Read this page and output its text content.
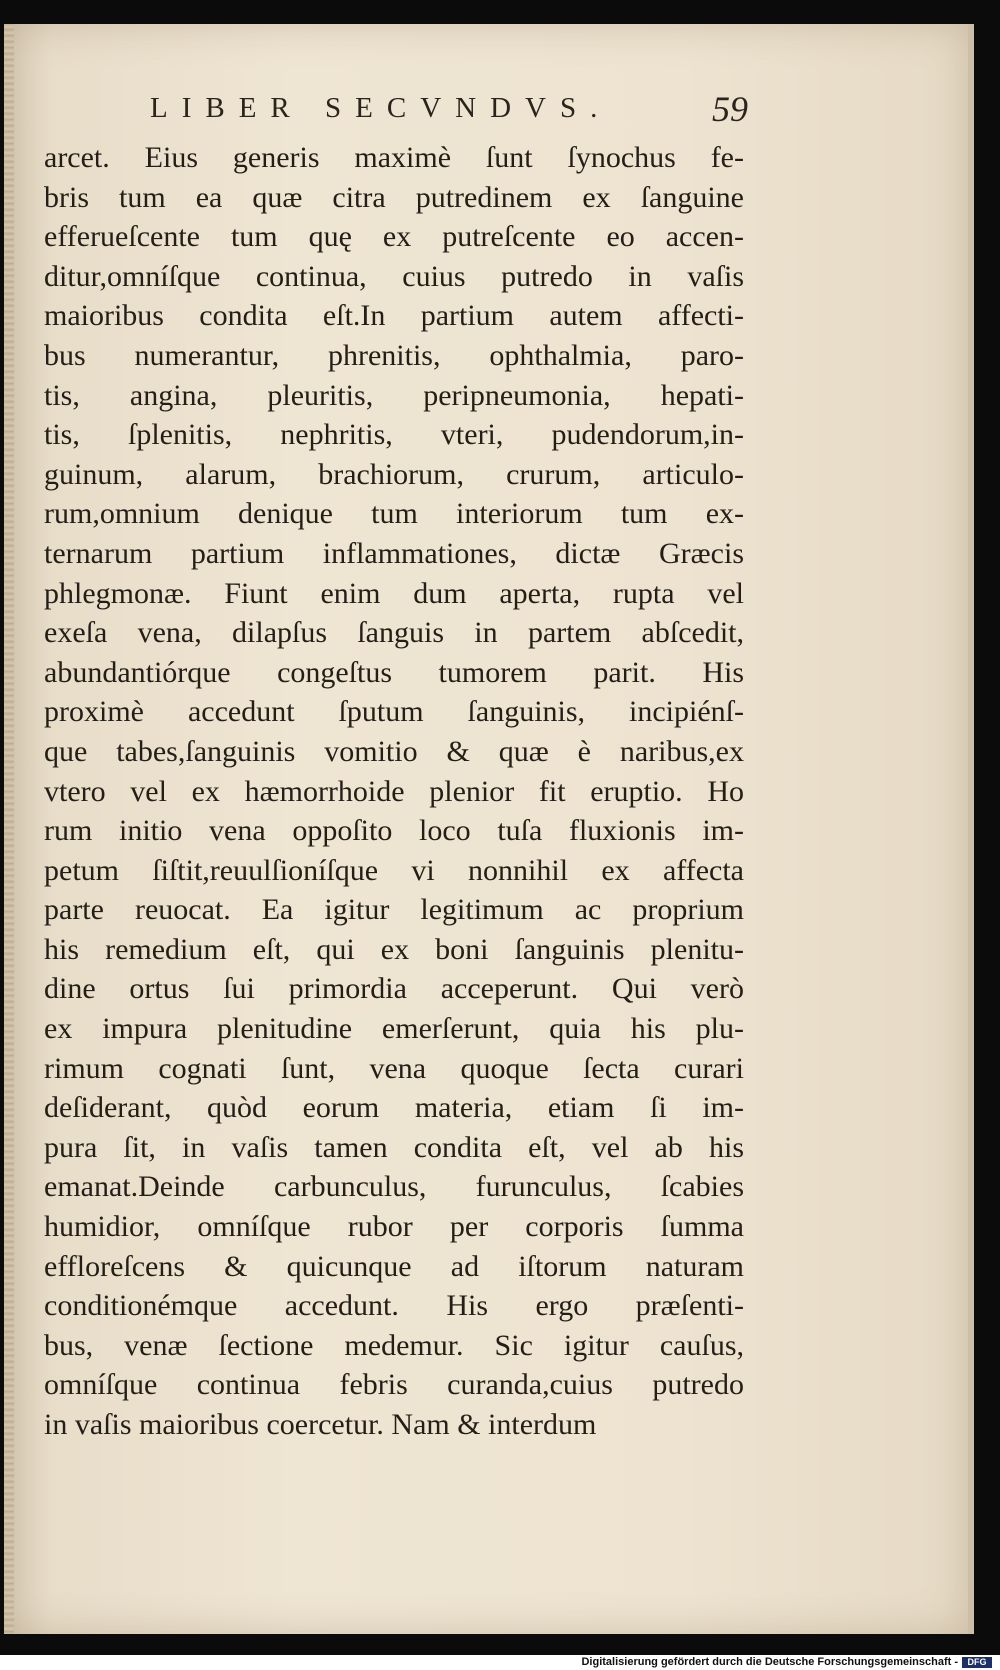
LIBER SECVNDVS.	59
arcet. Eius generis maximè ſunt ſynochus fe-
bris tum ea quæ citra putredinem ex ſanguine
efferueſcente tum quę ex putreſcente eo accen-
ditur,omníſque continua, cuius putredo in vaſis
maioribus condita eſt.In partium autem affecti-
bus numerantur, phrenitis, ophthalmia, paro-
tis, angina, pleuritis, peripneumonia, hepati-
tis, ſplenitis, nephritis, vteri, pudendorum,in-
guinum, alarum, brachiorum, crurum, articulo-
rum,omnium denique tum interiorum tum ex-
ternarum partium inflammationes, dictæ Græcis
phlegmonæ. Fiunt enim dum aperta, rupta vel
exeſa vena, dilapſus ſanguis in partem abſcedit,
abundantiórque congeſtus tumorem parit. His
proximè accedunt ſputum ſanguinis, incipiénſ-
que tabes,ſanguinis vomitio & quæ è naribus,ex
vtero vel ex hæmorrhoide plenior fit eruptio. Ho
rum initio vena oppoſito loco tuſa fluxionis im-
petum ſiſtit,reuulſioníſque vi nonnihil ex affecta
parte reuocat. Ea igitur legitimum ac proprium
his remedium eſt, qui ex boni ſanguinis plenitu-
dine ortus ſui primordia acceperunt. Qui verò
ex impura plenitudine emerſerunt, quia his plu-
rimum cognati ſunt, vena quoque ſecta curari
deſiderant, quòd eorum materia, etiam ſi im-
pura ſit, in vaſis tamen condita eſt, vel ab his
emanat.Deinde carbunculus, furunculus, ſcabies
humidior, omníſque rubor per corporis ſumma
effloreſcens & quicunque ad iſtorum naturam
conditionémque accedunt. His ergo præſenti-
bus, venæ ſectione medemur. Sic igitur cauſus,
omníſque continua febris curanda,cuius putredo
in vaſis maioribus coercetur. Nam & interdum
Digitalisierung gefördert durch die Deutsche Forschungsgemeinschaft -	DFG
